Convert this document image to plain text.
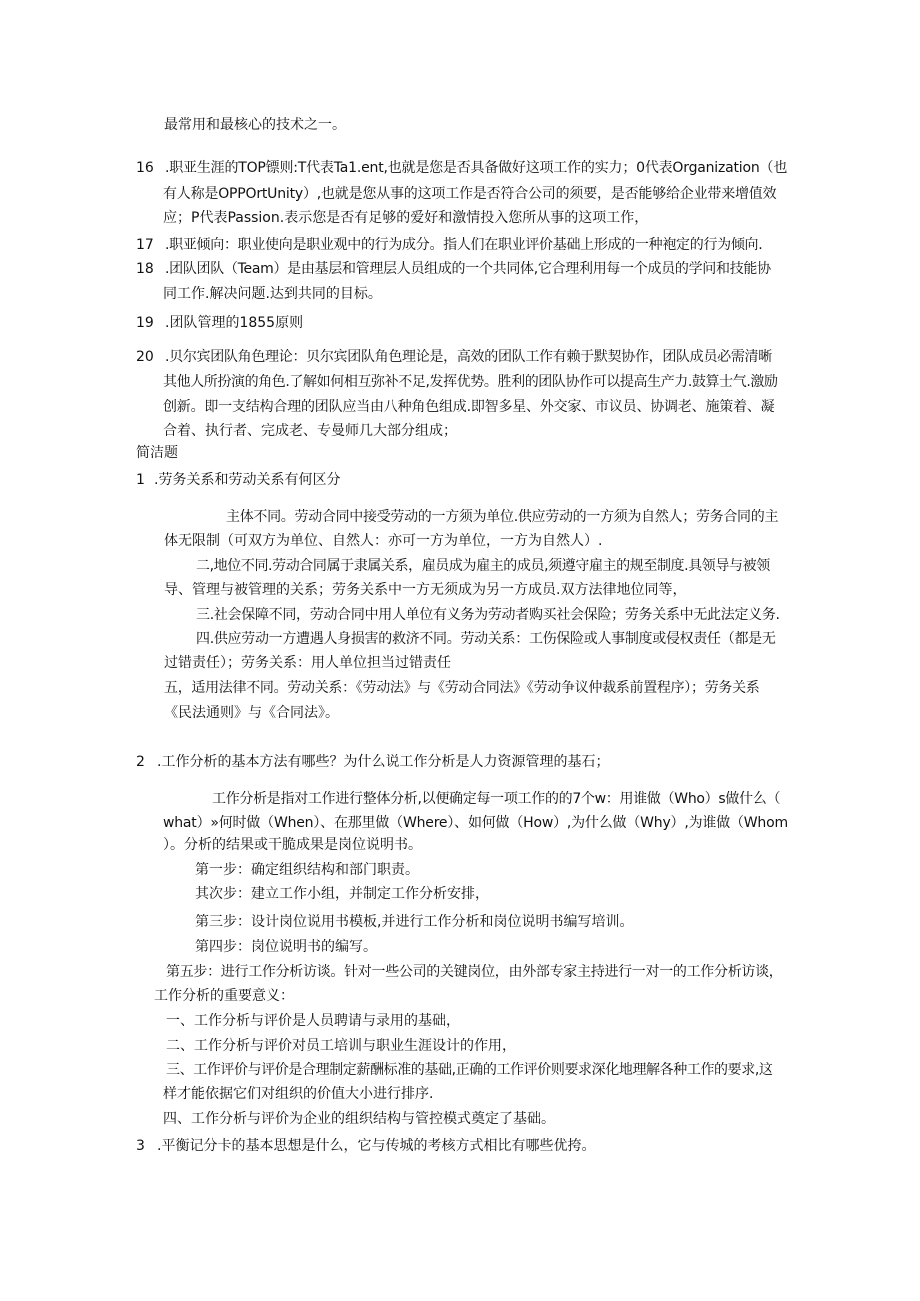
最常用和最核心的技术之一。
16 .职亚生涯的TOP镖则:T代表Ta1.ent,也就是您是否具备做好这项工作的实力；0代表Organization（也
有人称是OPPOrtUnity）,也就是您从事的这项工作是否符合公司的须要，是否能够给企业带来增值效
应；P代表Passion.表示您是否有足够的爱好和激情投入您所从事的这项工作，
17 .职亚倾向：职业使向是职业观中的行为成分。指人们在职业评价基础上形成的一种袍定的行为倾向.
18 .团队团队（Team）是由基层和管理层人员组成的一个共同体,它合理利用每一个成员的学问和技能协
同工作.解决问题.达到共同的目标。
19 .团队管理的1855原则
20 .贝尔宾团队角色理论：贝尔宾团队角色理论是，高效的团队工作有赖于默契协作，团队成员必需清晰
其他人所扮演的角色.了解如何相互弥补不足,发挥优势。胜利的团队协作可以提高生产力.鼓算士气.激励
创新。即一支结构合理的团队应当由八种角色组成.即智多星、外交家、市议员、协调老、施策着、凝
合着、执行者、完成老、专曼师几大部分组成；
简洁题
1 .劳务关系和劳动关系有何区分
主体不同。劳动合同中接受劳动的一方须为单位.供应劳动的一方须为自然人；劳务合同的主
体无限制（可双方为单位、自然人：亦可一方为单位，一方为自然人）.
二,地位不同.劳动合同属于隶属关系，雇员成为雇主的成员,须遵守雇主的规至制度.具领导与被领
导、管理与被管理的关系；劳务关系中一方无须成为另一方成员.双方法律地位同等，
三.社会保障不同，劳动合同中用人单位有义务为劳动者购买社会保险；劳务关系中无此法定义务.
四.供应劳动一方遭遇人身损害的救济不同。劳动关系：工伤保险或人事制度或侵权责任（都是无
过错责任）；劳务关系：用人单位担当过错责任
五，适用法律不同。劳动关系：《劳动法》与《劳动合同法》《劳动争议仲裁系前置程序）；劳务关系
《民法通则》与《合同法》。
2 .工作分析的基本方法有哪些？为什么说工作分析是人力资源管理的基石；
工作分析是指对工作进行整体分析,以便确定每一项工作的的7个w：用谁做（Who）s做什么（
what）»何时做（When）、在那里做（Where）、如何做（How）,为什么做（Why）,为谁做（Whom
）。分析的结果或干脆成果是岗位说明书。
第一步：确定组织结构和部门职责。
其次步：建立工作小组，并制定工作分析安排，
第三步：设计岗位说用书模板,并进行工作分析和岗位说明书编写培训。
第四步：岗位说明书的编写。
第五步：进行工作分析访谈。针对一些公司的关键岗位，由外部专家主持进行一对一的工作分析访谈，
工作分析的重要意义：
一、工作分析与评价是人员聘请与录用的基础，
二、工作分析与评价对员工培训与职业生涯设计的作用，
三、工作评价与评价是合理制定薪酬标准的基础,正确的工作评价则要求深化地理解各种工作的要求,这
样才能依据它们对组织的价值大小进行排序.
四、工作分析与评价为企业的组织结构与管控模式奠定了基础。
3 .平衡记分卡的基本思想是什么，它与传城的考核方式相比有哪些优挎。
